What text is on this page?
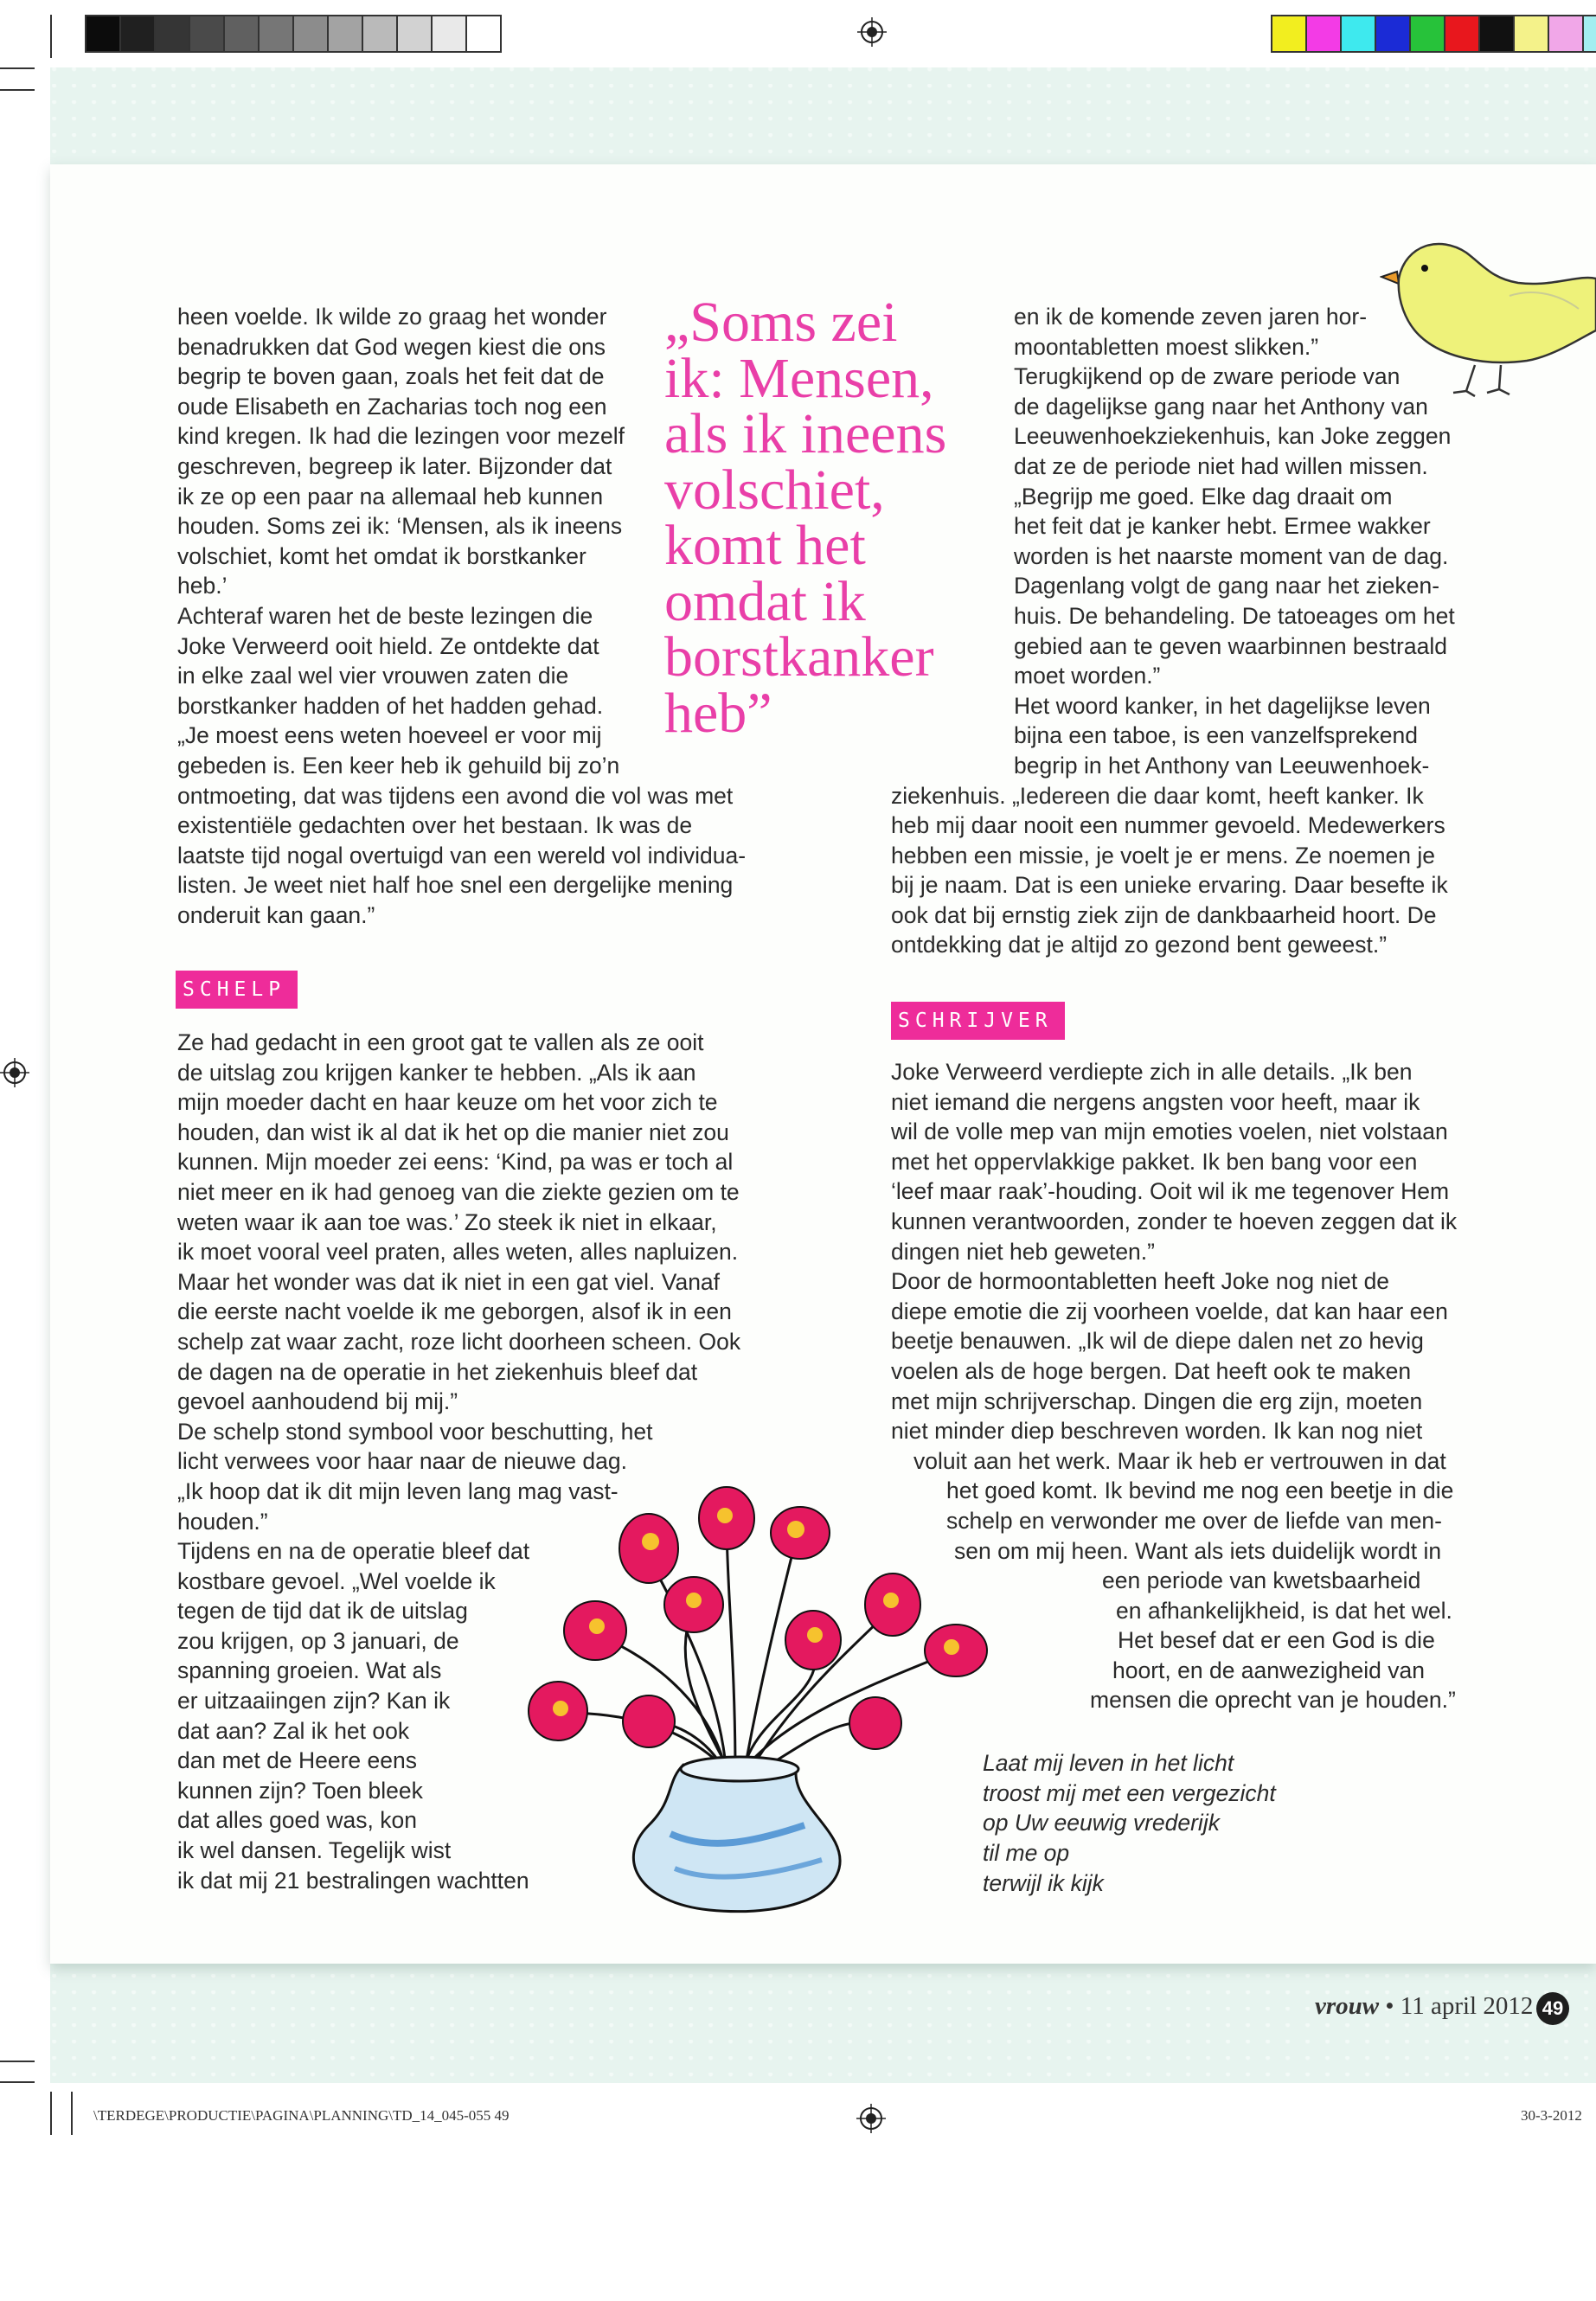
heen voelde. Ik wilde zo graag het wonder
benadrukken dat God wegen kiest die ons
begrip te boven gaan, zoals het feit dat de
oude Elisabeth en Zacharias toch nog een
kind kregen. Ik had die lezingen voor mezelf
geschreven, begreep ik later. Bijzonder dat
ik ze op een paar na allemaal heb kunnen
houden. Soms zei ik: ‘Mensen, als ik ineens
volschiet, komt het omdat ik borstkanker
heb.’
Achteraf waren het de beste lezingen die
Joke Verweerd ooit hield. Ze ontdekte dat
in elke zaal wel vier vrouwen zaten die
borstkanker hadden of het hadden gehad.
„Je moest eens weten hoeveel er voor mij
gebeden is. Een keer heb ik gehuild bij zo’n
ontmoeting, dat was tijdens een avond die vol was met
existentiële gedachten over het bestaan. Ik was de
laatste tijd nogal overtuigd van een wereld vol individua-
listen. Je weet niet half hoe snel een dergelijke mening
onderuit kan gaan.”
„Soms zei
ik: Mensen,
als ik ineens
volschiet,
komt het
omdat ik
borstkanker
heb”
SCHELP
Ze had gedacht in een groot gat te vallen als ze ooit
de uitslag zou krijgen kanker te hebben. „Als ik aan
mijn moeder dacht en haar keuze om het voor zich te
houden, dan wist ik al dat ik het op die manier niet zou
kunnen. Mijn moeder zei eens: ‘Kind, pa was er toch al
niet meer en ik had genoeg van die ziekte gezien om te
weten waar ik aan toe was.’ Zo steek ik niet in elkaar,
ik moet vooral veel praten, alles weten, alles napluizen.
Maar het wonder was dat ik niet in een gat viel. Vanaf
die eerste nacht voelde ik me geborgen, alsof ik in een
schelp zat waar zacht, roze licht doorheen scheen. Ook
de dagen na de operatie in het ziekenhuis bleef dat
gevoel aanhoudend bij mij.”
De schelp stond symbool voor beschutting, het
licht verwees voor haar naar de nieuwe dag.
„Ik hoop dat ik dit mijn leven lang mag vast-
houden.”
Tijdens en na de operatie bleef dat
kostbare gevoel. „Wel voelde ik
tegen de tijd dat ik de uitslag
zou krijgen, op 3 januari, de
spanning groeien. Wat als
er uitzaaiingen zijn? Kan ik
dat aan? Zal ik het ook
dan met de Heere eens
kunnen zijn? Toen bleek
dat alles goed was, kon
ik wel dansen. Tegelijk wist
ik dat mij 21 bestralingen wachtten
en ik de komende zeven jaren hor-
moontabletten moest slikken.”
Terugkijkend op de zware periode van
de dagelijkse gang naar het Anthony van
Leeuwenhoekziekenhuis, kan Joke zeggen
dat ze de periode niet had willen missen.
„Begrijp me goed. Elke dag draait om
het feit dat je kanker hebt. Ermee wakker
worden is het naarste moment van de dag.
Dagenlang volgt de gang naar het zieken-
huis. De behandeling. De tatoeages om het
gebied aan te geven waarbinnen bestraald
moet worden.”
Het woord kanker, in het dagelijkse leven
bijna een taboe, is een vanzelfsprekend
begrip in het Anthony van Leeuwenhoek-
ziekenhuis. „Iedereen die daar komt, heeft kanker. Ik
heb mij daar nooit een nummer gevoeld. Medewerkers
hebben een missie, je voelt je er mens. Ze noemen je
bij je naam. Dat is een unieke ervaring. Daar besefte ik
ook dat bij ernstig ziek zijn de dankbaarheid hoort. De
ontdekking dat je altijd zo gezond bent geweest.”
SCHRIJVER
Joke Verweerd verdiepte zich in alle details. „Ik ben
niet iemand die nergens angsten voor heeft, maar ik
wil de volle mep van mijn emoties voelen, niet volstaan
met het oppervlakkige pakket. Ik ben bang voor een
‘leef maar raak’-houding. Ooit wil ik me tegenover Hem
kunnen verantwoorden, zonder te hoeven zeggen dat ik
dingen niet heb geweten.”
Door de hormoontabletten heeft Joke nog niet de
diepe emotie die zij voorheen voelde, dat kan haar een
beetje benauwen. „Ik wil de diepe dalen net zo hevig
voelen als de hoge bergen. Dat heeft ook te maken
met mijn schrijverschap. Dingen die erg zijn, moeten
niet minder diep beschreven worden. Ik kan nog niet
voluit aan het werk. Maar ik heb er vertrouwen in dat
het goed komt. Ik bevind me nog een beetje in die
schelp en verwonder me over de liefde van men-
sen om mij heen. Want als iets duidelijk wordt in
een periode van kwetsbaarheid
en afhankelijkheid, is dat het wel.
Het besef dat er een God is die
hoort, en de aanwezigheid van
mensen die oprecht van je houden.”
Laat mij leven in het licht
troost mij met een vergezicht
op Uw eeuwig vrederijk
til me op
terwijl ik kijk
vrouw • 11 april 2012 49
\TERDEGE\PRODUCTIE\PAGINA\PLANNING\TD_14_045-055 49	30-3-2012
